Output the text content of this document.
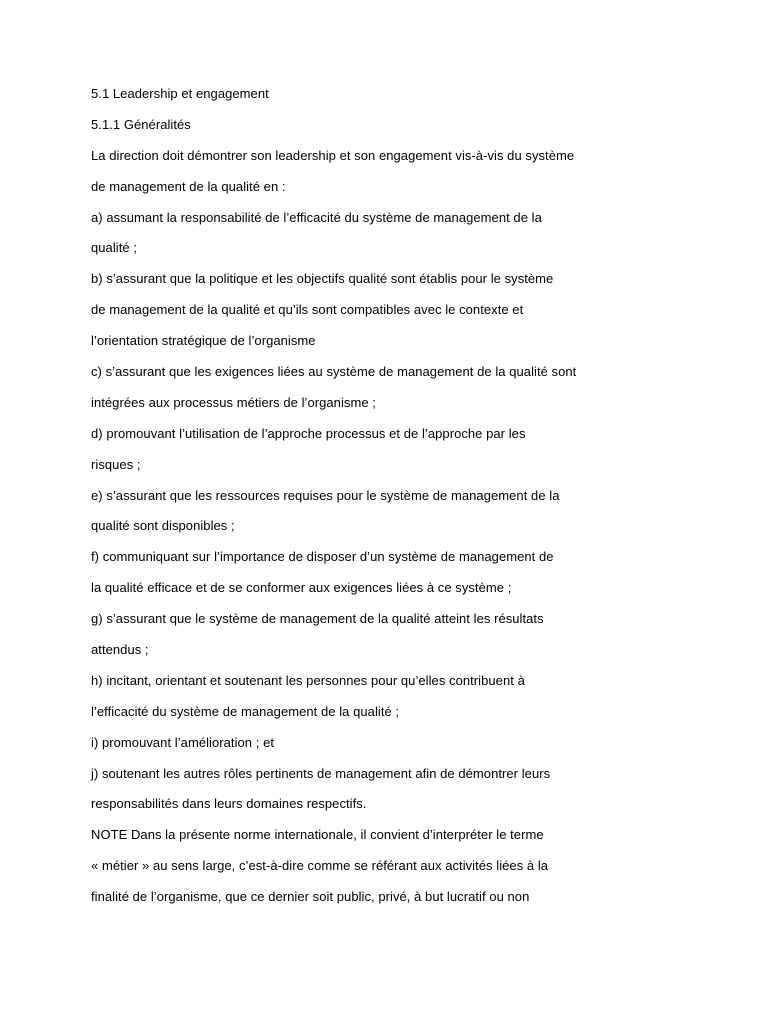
5.1 Leadership et engagement
5.1.1 Généralités
La direction doit démontrer son leadership et son engagement vis-à-vis du système
de management de la qualité en :
a) assumant la responsabilité de l’efficacité du système de management de la
qualité ;
b) s’assurant que la politique et les objectifs qualité sont établis pour le système
de management de la qualité et qu’ils sont compatibles avec le contexte et
l’orientation stratégique de l’organisme
c) s’assurant que les exigences liées au système de management de la qualité sont
intégrées aux processus métiers de l’organisme ;
d) promouvant l’utilisation de l’approche processus et de l’approche par les
risques ;
e) s’assurant que les ressources requises pour le système de management de la
qualité sont disponibles ;
f) communiquant sur l’importance de disposer d’un système de management de
la qualité efficace et de se conformer aux exigences liées à ce système ;
g) s’assurant que le système de management de la qualité atteint les résultats
attendus ;
h) incitant, orientant et soutenant les personnes pour qu’elles contribuent à
l’efficacité du système de management de la qualité ;
i) promouvant l’amélioration ; et
j) soutenant les autres rôles pertinents de management afin de démontrer leurs
responsabilités dans leurs domaines respectifs.
NOTE Dans la présente norme internationale, il convient d’interpréter le terme
« métier » au sens large, c’est-à-dire comme se référant aux activités liées à la
finalité de l’organisme, que ce dernier soit public, privé, à but lucratif ou non
